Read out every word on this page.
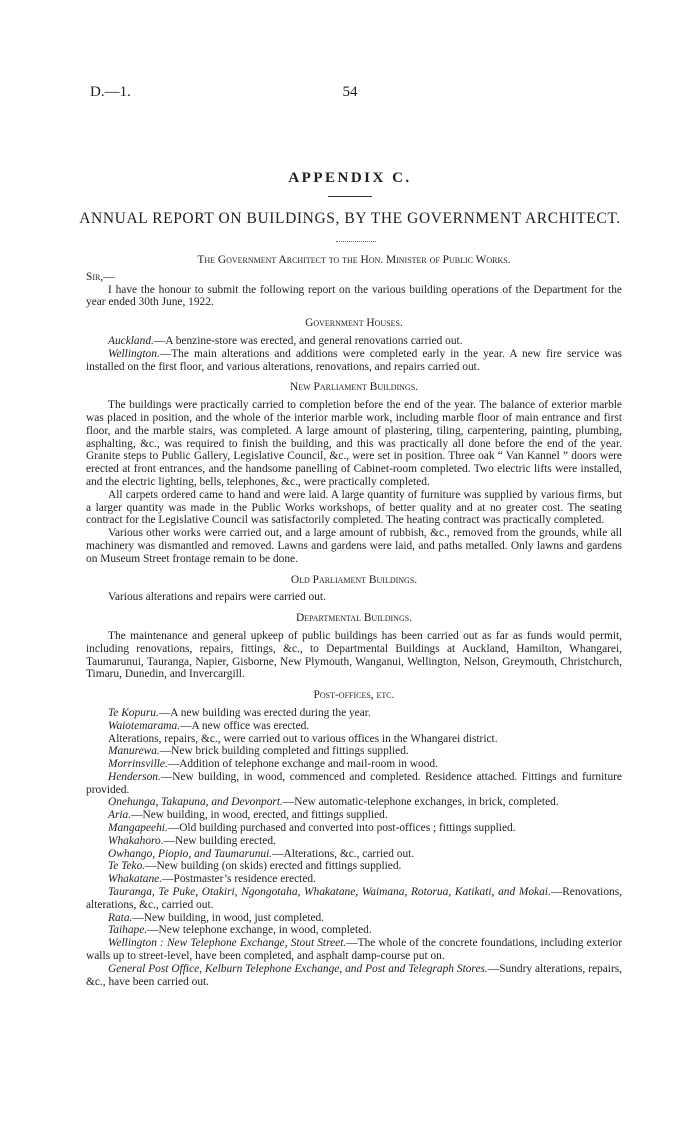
D.—1.	54
APPENDIX C.
ANNUAL REPORT ON BUILDINGS, BY THE GOVERNMENT ARCHITECT.

The Government Architect to the Hon. Minister of Public Works.

Sir,—

I have the honour to submit the following report on the various building operations of the Department for the year ended 30th June, 1922.

Government Houses.

Auckland.—A benzine-store was erected, and general renovations carried out.

Wellington.—The main alterations and additions were completed early in the year. A new fire service was installed on the first floor, and various alterations, renovations, and repairs carried out.

New Parliament Buildings.

The buildings were practically carried to completion before the end of the year. The balance of exterior marble was placed in position, and the whole of the interior marble work, including marble floor of main entrance and first floor, and the marble stairs, was completed. A large amount of plastering, tiling, carpentering, painting, plumbing, asphalting, &c., was required to finish the building, and this was practically all done before the end of the year. Granite steps to Public Gallery, Legislative Council, &c., were set in position. Three oak “ Van Kannel ” doors were erected at front entrances, and the handsome panelling of Cabinet-room completed. Two electric lifts were installed, and the electric lighting, bells, telephones, &c., were practically completed.

All carpets ordered came to hand and were laid. A large quantity of furniture was supplied by various firms, but a larger quantity was made in the Public Works workshops, of better quality and at no greater cost. The seating contract for the Legislative Council was satisfactorily completed. The heating contract was practically completed.

Various other works were carried out, and a large amount of rubbish, &c., removed from the grounds, while all machinery was dismantled and removed. Lawns and gardens were laid, and paths metalled. Only lawns and gardens on Museum Street frontage remain to be done.

Old Parliament Buildings.

Various alterations and repairs were carried out.

Departmental Buildings.

The maintenance and general upkeep of public buildings has been carried out as far as funds would permit, including renovations, repairs, fittings, &c., to Departmental Buildings at Auckland, Hamilton, Whangarei, Taumarunui, Tauranga, Napier, Gisborne, New Plymouth, Wanganui, Wellington, Nelson, Greymouth, Christchurch, Timaru, Dunedin, and Invercargill.

Post-offices, etc.

Te Kopuru.—A new building was erected during the year.

Waiotemarama.—A new office was erected.

Alterations, repairs, &c., were carried out to various offices in the Whangarei district.

Manurewa.—New brick building completed and fittings supplied.

Morrinsville.—Addition of telephone exchange and mail-room in wood.

Henderson.—New building, in wood, commenced and completed. Residence attached. Fittings and furniture provided.

Onehunga, Takapuna, and Devonport.—New automatic-telephone exchanges, in brick, completed.

Aria.—New building, in wood, erected, and fittings supplied.

Mangapeehi.—Old building purchased and converted into post-offices ; fittings supplied.

Whakahoro.—New building erected.

Owhango, Piopio, and Taumarunui.—Alterations, &c., carried out.

Te Teko.—New building (on skids) erected and fittings supplied.

Whakatane.—Postmaster’s residence erected.

Tauranga, Te Puke, Otakiri, Ngongotaha, Whakatane, Waimana, Rotorua, Katikati, and Mokai.—Renovations, alterations, &c., carried out.

Rata.—New building, in wood, just completed.

Taihape.—New telephone exchange, in wood, completed.

Wellington : New Telephone Exchange, Stout Street.—The whole of the concrete foundations, including exterior walls up to street-level, have been completed, and asphalt damp-course put on.

General Post Office, Kelburn Telephone Exchange, and Post and Telegraph Stores.—Sundry alterations, repairs, &c., have been carried out.
